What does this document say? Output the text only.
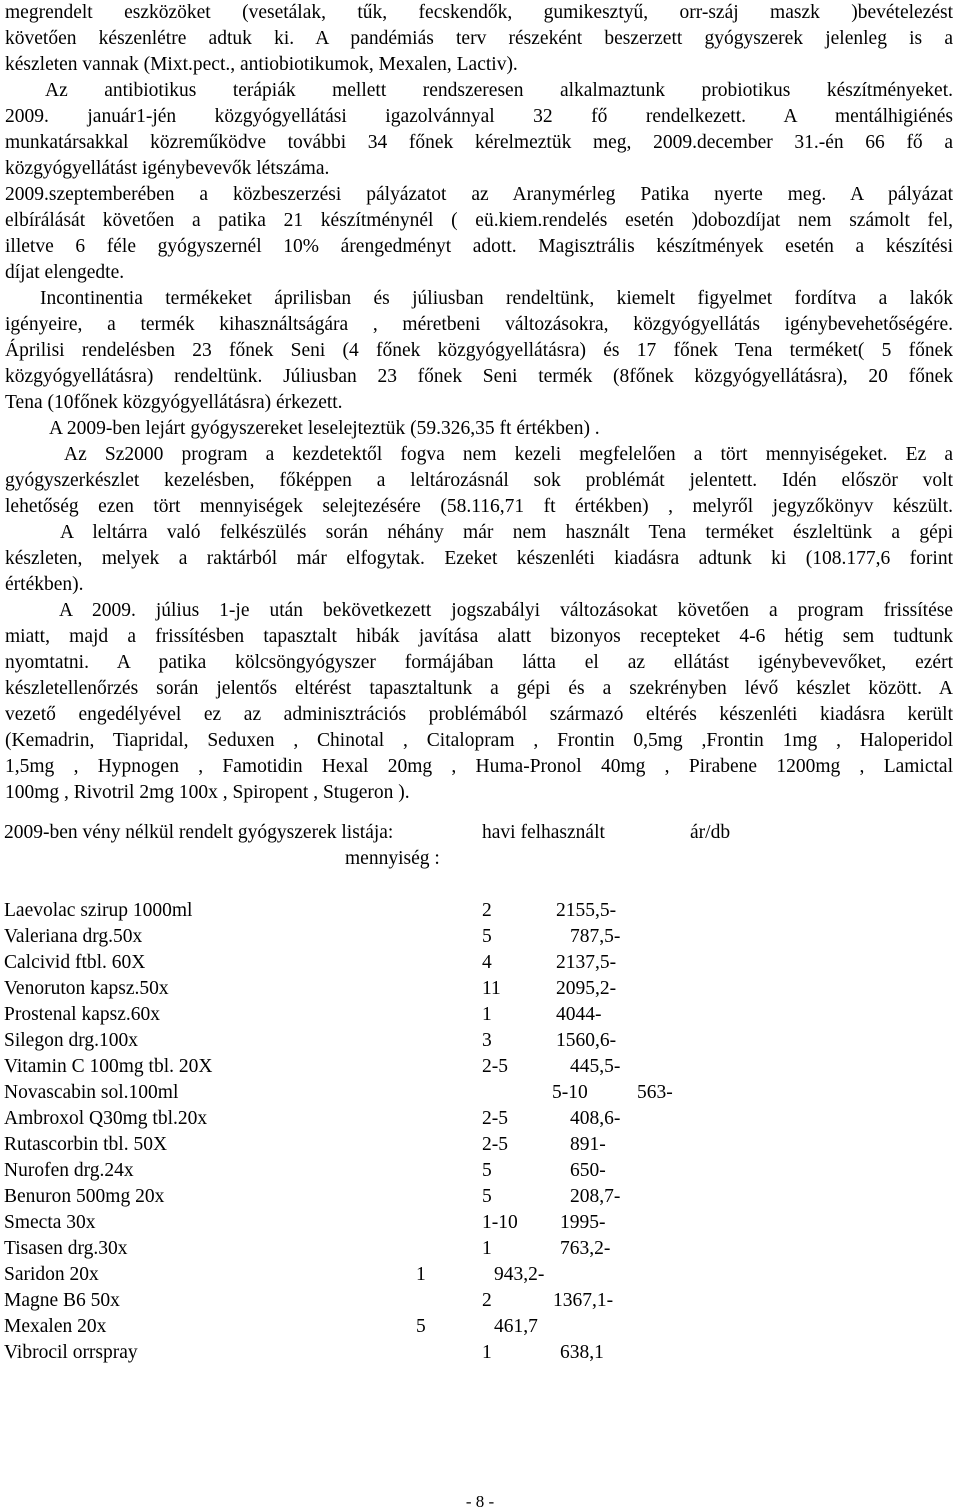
megrendelt eszközöket (vesetálak, tűk, fecskendők, gumikesztyű, orr-száj maszk )bevételezést
követően készenlétre adtuk ki. A pandémiás terv részeként beszerzett gyógyszerek jelenleg is a
készleten vannak (Mixt.pect., antiobiotikumok, Mexalen, Lactiv).
Az antibiotikus terápiák mellett rendszeresen alkalmaztunk probiotikus készítményeket.
2009. január1-jén közgyógyellátási igazolvánnyal 32 fő rendelkezett. A mentálhigiénés
munkatársakkal közreműködve további 34 főnek kérelmeztük meg, 2009.december 31.-én 66 fő a
közgyógyellátást igénybevevők létszáma.
2009.szeptemberében a közbeszerzési pályázatot az Aranymérleg Patika nyerte meg. A pályázat
elbírálását követően a patika 21 készítménynél ( eü.kiem.rendelés esetén )dobozdíjat nem számolt fel,
illetve 6 féle gyógyszernél 10% árengedményt adott. Magisztrális készítmények esetén a készítési
díjat elengedte.
Incontinentia termékeket áprilisban és júliusban rendeltünk, kiemelt figyelmet fordítva a lakók
igényeire, a termék kihasználtságára , méretbeni változásokra, közgyógyellátás igénybevehetőségére.
Áprilisi rendelésben 23 főnek Seni (4 főnek közgyógyellátásra) és 17 főnek Tena terméket( 5 főnek
közgyógyellátásra) rendeltünk. Júliusban 23 főnek Seni termék (8főnek közgyógyellátásra), 20 főnek
Tena (10főnek közgyógyellátásra) érkezett.
A 2009-ben lejárt gyógyszereket leselejteztük (59.326,35 ft értékben) .
Az Sz2000 program a kezdetektől fogva nem kezeli megfelelően a tört mennyiségeket. Ez a
gyógyszerkészlet kezelésben, főképpen a leltározásnál sok problémát jelentett. Idén először volt
lehetőség ezen tört mennyiségek selejtezésére (58.116,71 ft értékben) , melyről jegyzőkönyv készült.
A leltárra való felkészülés során néhány már nem használt Tena terméket észleltünk a gépi
készleten, melyek a raktárból már elfogytak. Ezeket készenléti kiadásra adtunk ki (108.177,6 forint
értékben).
A 2009. július 1-je után bekövetkezett jogszabályi változásokat követően a program frissítése
miatt, majd a frissítésben tapasztalt hibák javítása alatt bizonyos recepteket 4-6 hétig sem tudtunk
nyomtatni. A patika kölcsöngyógyszer formájában látta el az ellátást igénybevevőket, ezért
készletellenőrzés során jelentős eltérést tapasztaltunk a gépi és a szekrényben lévő készlet között. A
vezető engedélyével ez az adminisztrációs problémából származó eltérés készenléti kiadásra került
(Kemadrin, Tiapridal, Seduxen , Chinotal , Citalopram , Frontin 0,5mg ,Frontin 1mg , Haloperidol
1,5mg , Hypnogen , Famotidin Hexal 20mg , Huma-Pronol 40mg , Pirabene 1200mg , Lamictal
100mg , Rivotril 2mg 100x , Spiropent , Stugeron ).
2009-ben vény nélkül rendelt gyógyszerek listája:
mennyiség :
havi felhasznált	ár/db
Laevolac szirup 1000ml	2	2155,5-
Valeriana drg.50x	5	787,5-
Calcivid ftbl. 60X	4	2137,5-
Venoruton kapsz.50x	11	2095,2-
Prostenal kapsz.60x	1	4044-
Silegon drg.100x	3	1560,6-
Vitamin C 100mg tbl. 20X	2-5	445,5-
Novascabin sol.100ml	5-10	563-
Ambroxol Q30mg tbl.20x	2-5	408,6-
Rutascorbin tbl. 50X	2-5	891-
Nurofen drg.24x	5	650-
Benuron 500mg 20x	5	208,7-
Smecta 30x	1-10 1995-
Tisasen drg.30x	1	763,2-
Saridon 20x	1	943,2-
Magne B6 50x	2	1367,1-
Mexalen 20x	5	461,7
Vibrocil orrspray	1	638,1
- 8 -
